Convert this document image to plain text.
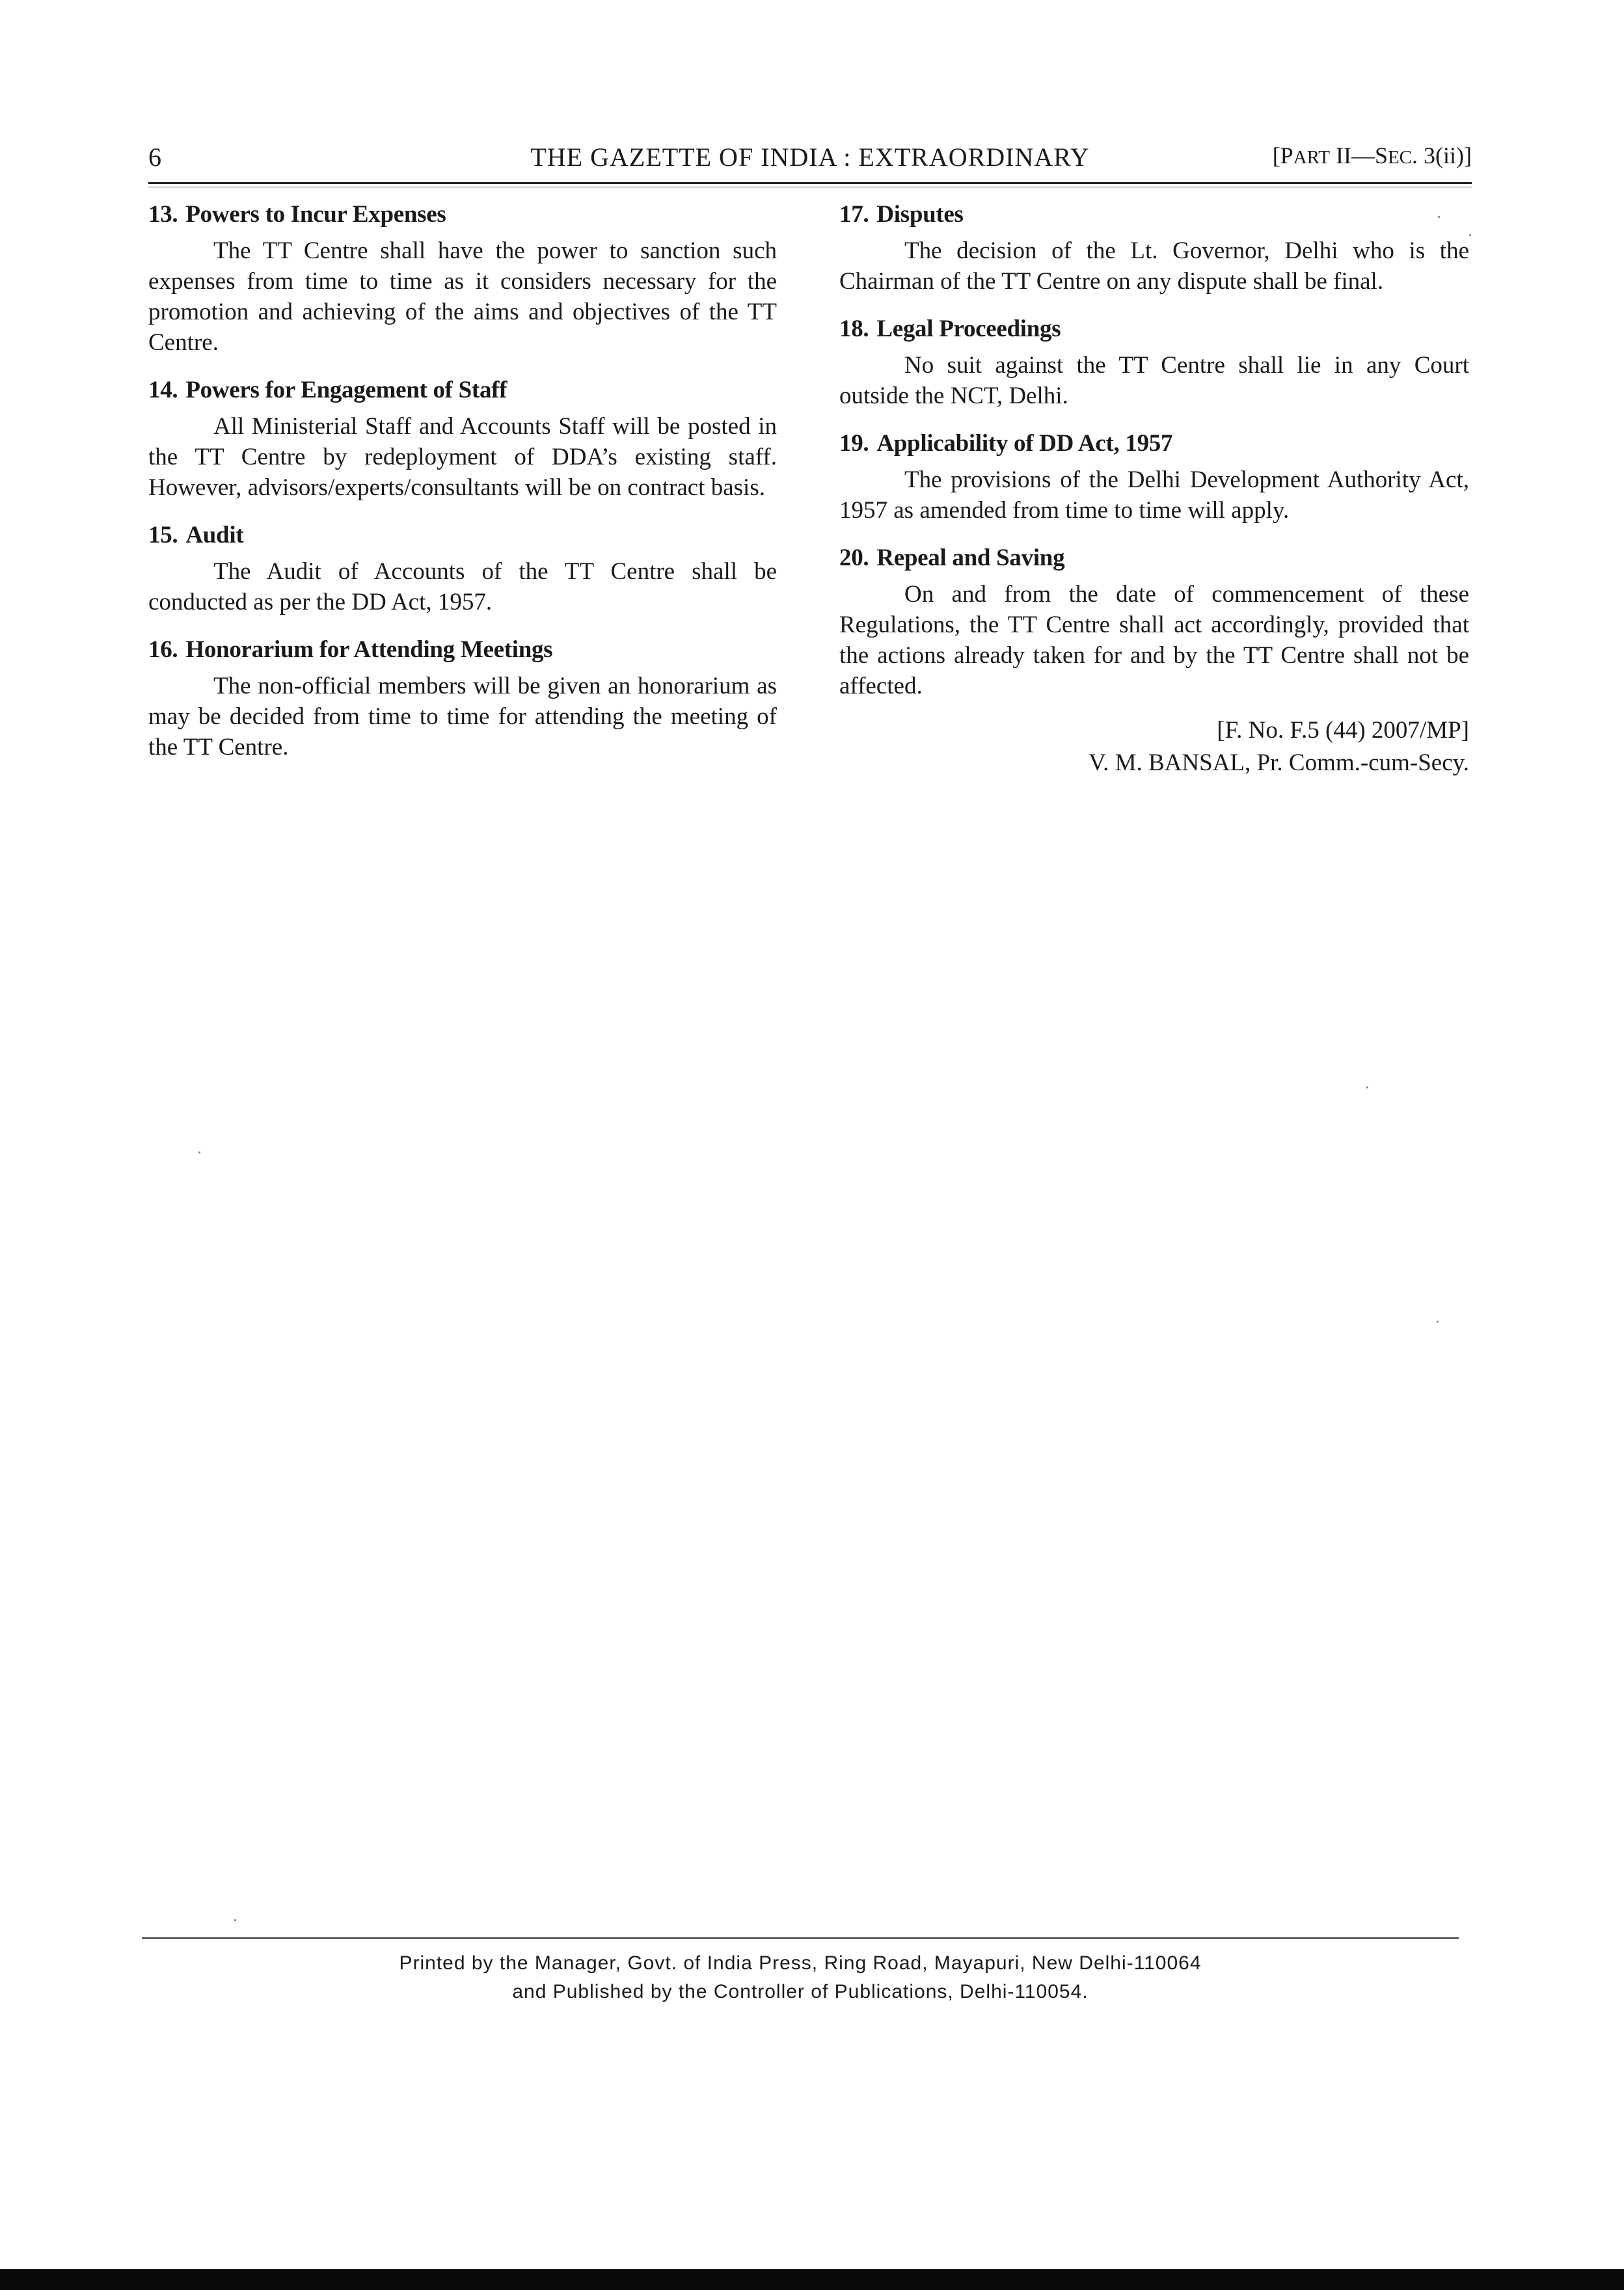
6	THE GAZETTE OF INDIA : EXTRAORDINARY	[PART II—SEC. 3(ii)]
13. Powers to Incur Expenses

The TT Centre shall have the power to sanction such expenses from time to time as it considers necessary for the promotion and achieving of the aims and objectives of the TT Centre.

14. Powers for Engagement of Staff

All Ministerial Staff and Accounts Staff will be posted in the TT Centre by redeployment of DDA’s existing staff. However, advisors/experts/consultants will be on contract basis.

15. Audit

The Audit of Accounts of the TT Centre shall be conducted as per the DD Act, 1957.

16. Honorarium for Attending Meetings

The non-official members will be given an honorarium as may be decided from time to time for attending the meeting of the TT Centre.

17. Disputes

The decision of the Lt. Governor, Delhi who is the Chairman of the TT Centre on any dispute shall be final.

18. Legal Proceedings

No suit against the TT Centre shall lie in any Court outside the NCT, Delhi.

19. Applicability of DD Act, 1957

The provisions of the Delhi Development Authority Act, 1957 as amended from time to time will apply.

20. Repeal and Saving

On and from the date of commencement of these Regulations, the TT Centre shall act accordingly, provided that the actions already taken for and by the TT Centre shall not be affected.

[F. No. F.5 (44) 2007/MP]
V. M. BANSAL, Pr. Comm.-cum-Secy.
Printed by the Manager, Govt. of India Press, Ring Road, Mayapuri, New Delhi-110064
and Published by the Controller of Publications, Delhi-110054.
